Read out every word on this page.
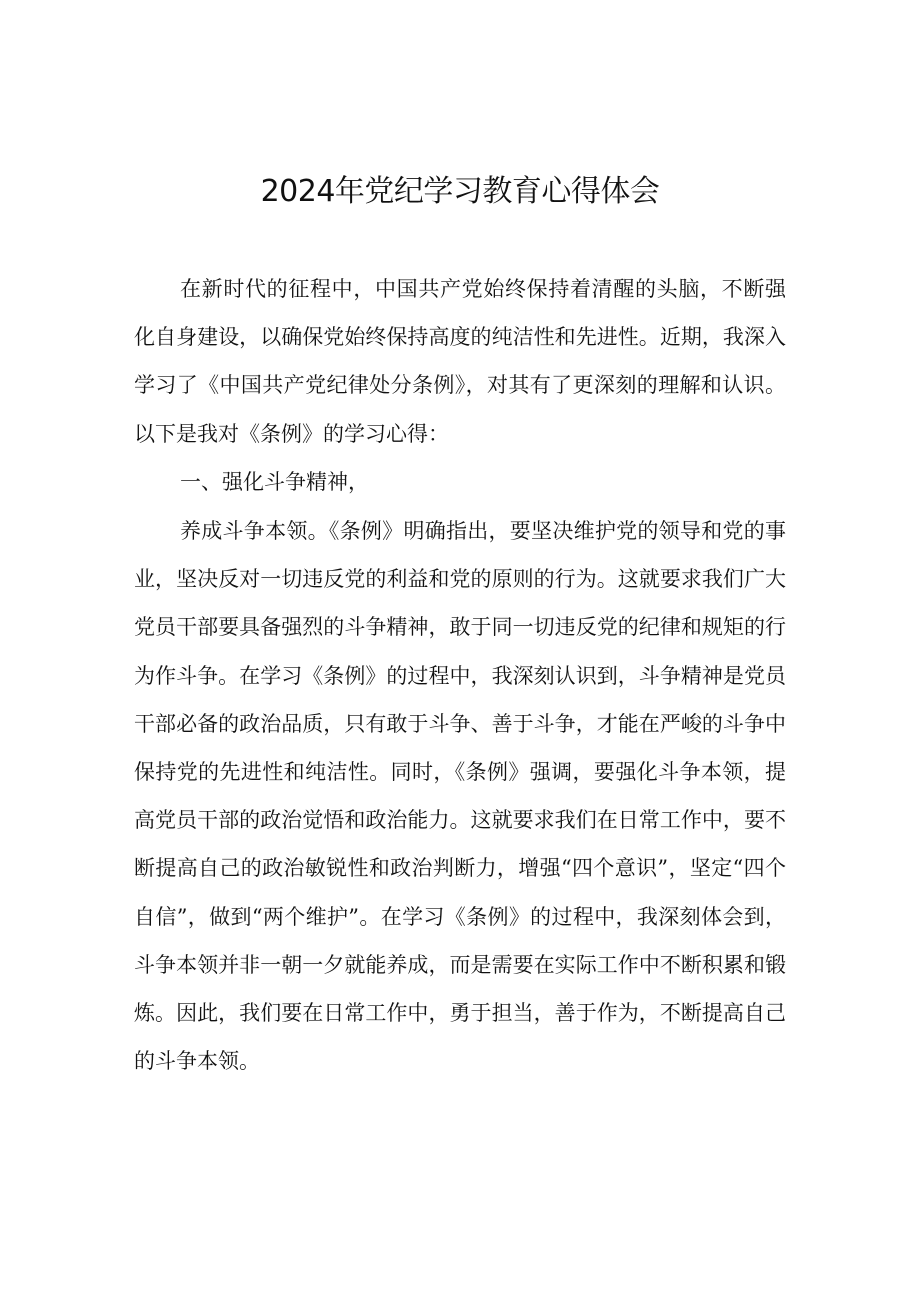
2024年党纪学习教育心得体会

在新时代的征程中，中国共产党始终保持着清醒的头脑，不断强化自身建设，以确保党始终保持高度的纯洁性和先进性。近期，我深入学习了《中国共产党纪律处分条例》，对其有了更深刻的理解和认识。以下是我对《条例》的学习心得：

一、强化斗争精神，

养成斗争本领。《条例》明确指出，要坚决维护党的领导和党的事业，坚决反对一切违反党的利益和党的原则的行为。这就要求我们广大党员干部要具备强烈的斗争精神，敢于同一切违反党的纪律和规矩的行为作斗争。在学习《条例》的过程中，我深刻认识到，斗争精神是党员干部必备的政治品质，只有敢于斗争、善于斗争，才能在严峻的斗争中保持党的先进性和纯洁性。同时，《条例》强调，要强化斗争本领，提高党员干部的政治觉悟和政治能力。这就要求我们在日常工作中，要不断提高自己的政治敏锐性和政治判断力，增强“四个意识”，坚定“四个自信”，做到“两个维护”。在学习《条例》的过程中，我深刻体会到，斗争本领并非一朝一夕就能养成，而是需要在实际工作中不断积累和锻炼。因此，我们要在日常工作中，勇于担当，善于作为，不断提高自己的斗争本领。
